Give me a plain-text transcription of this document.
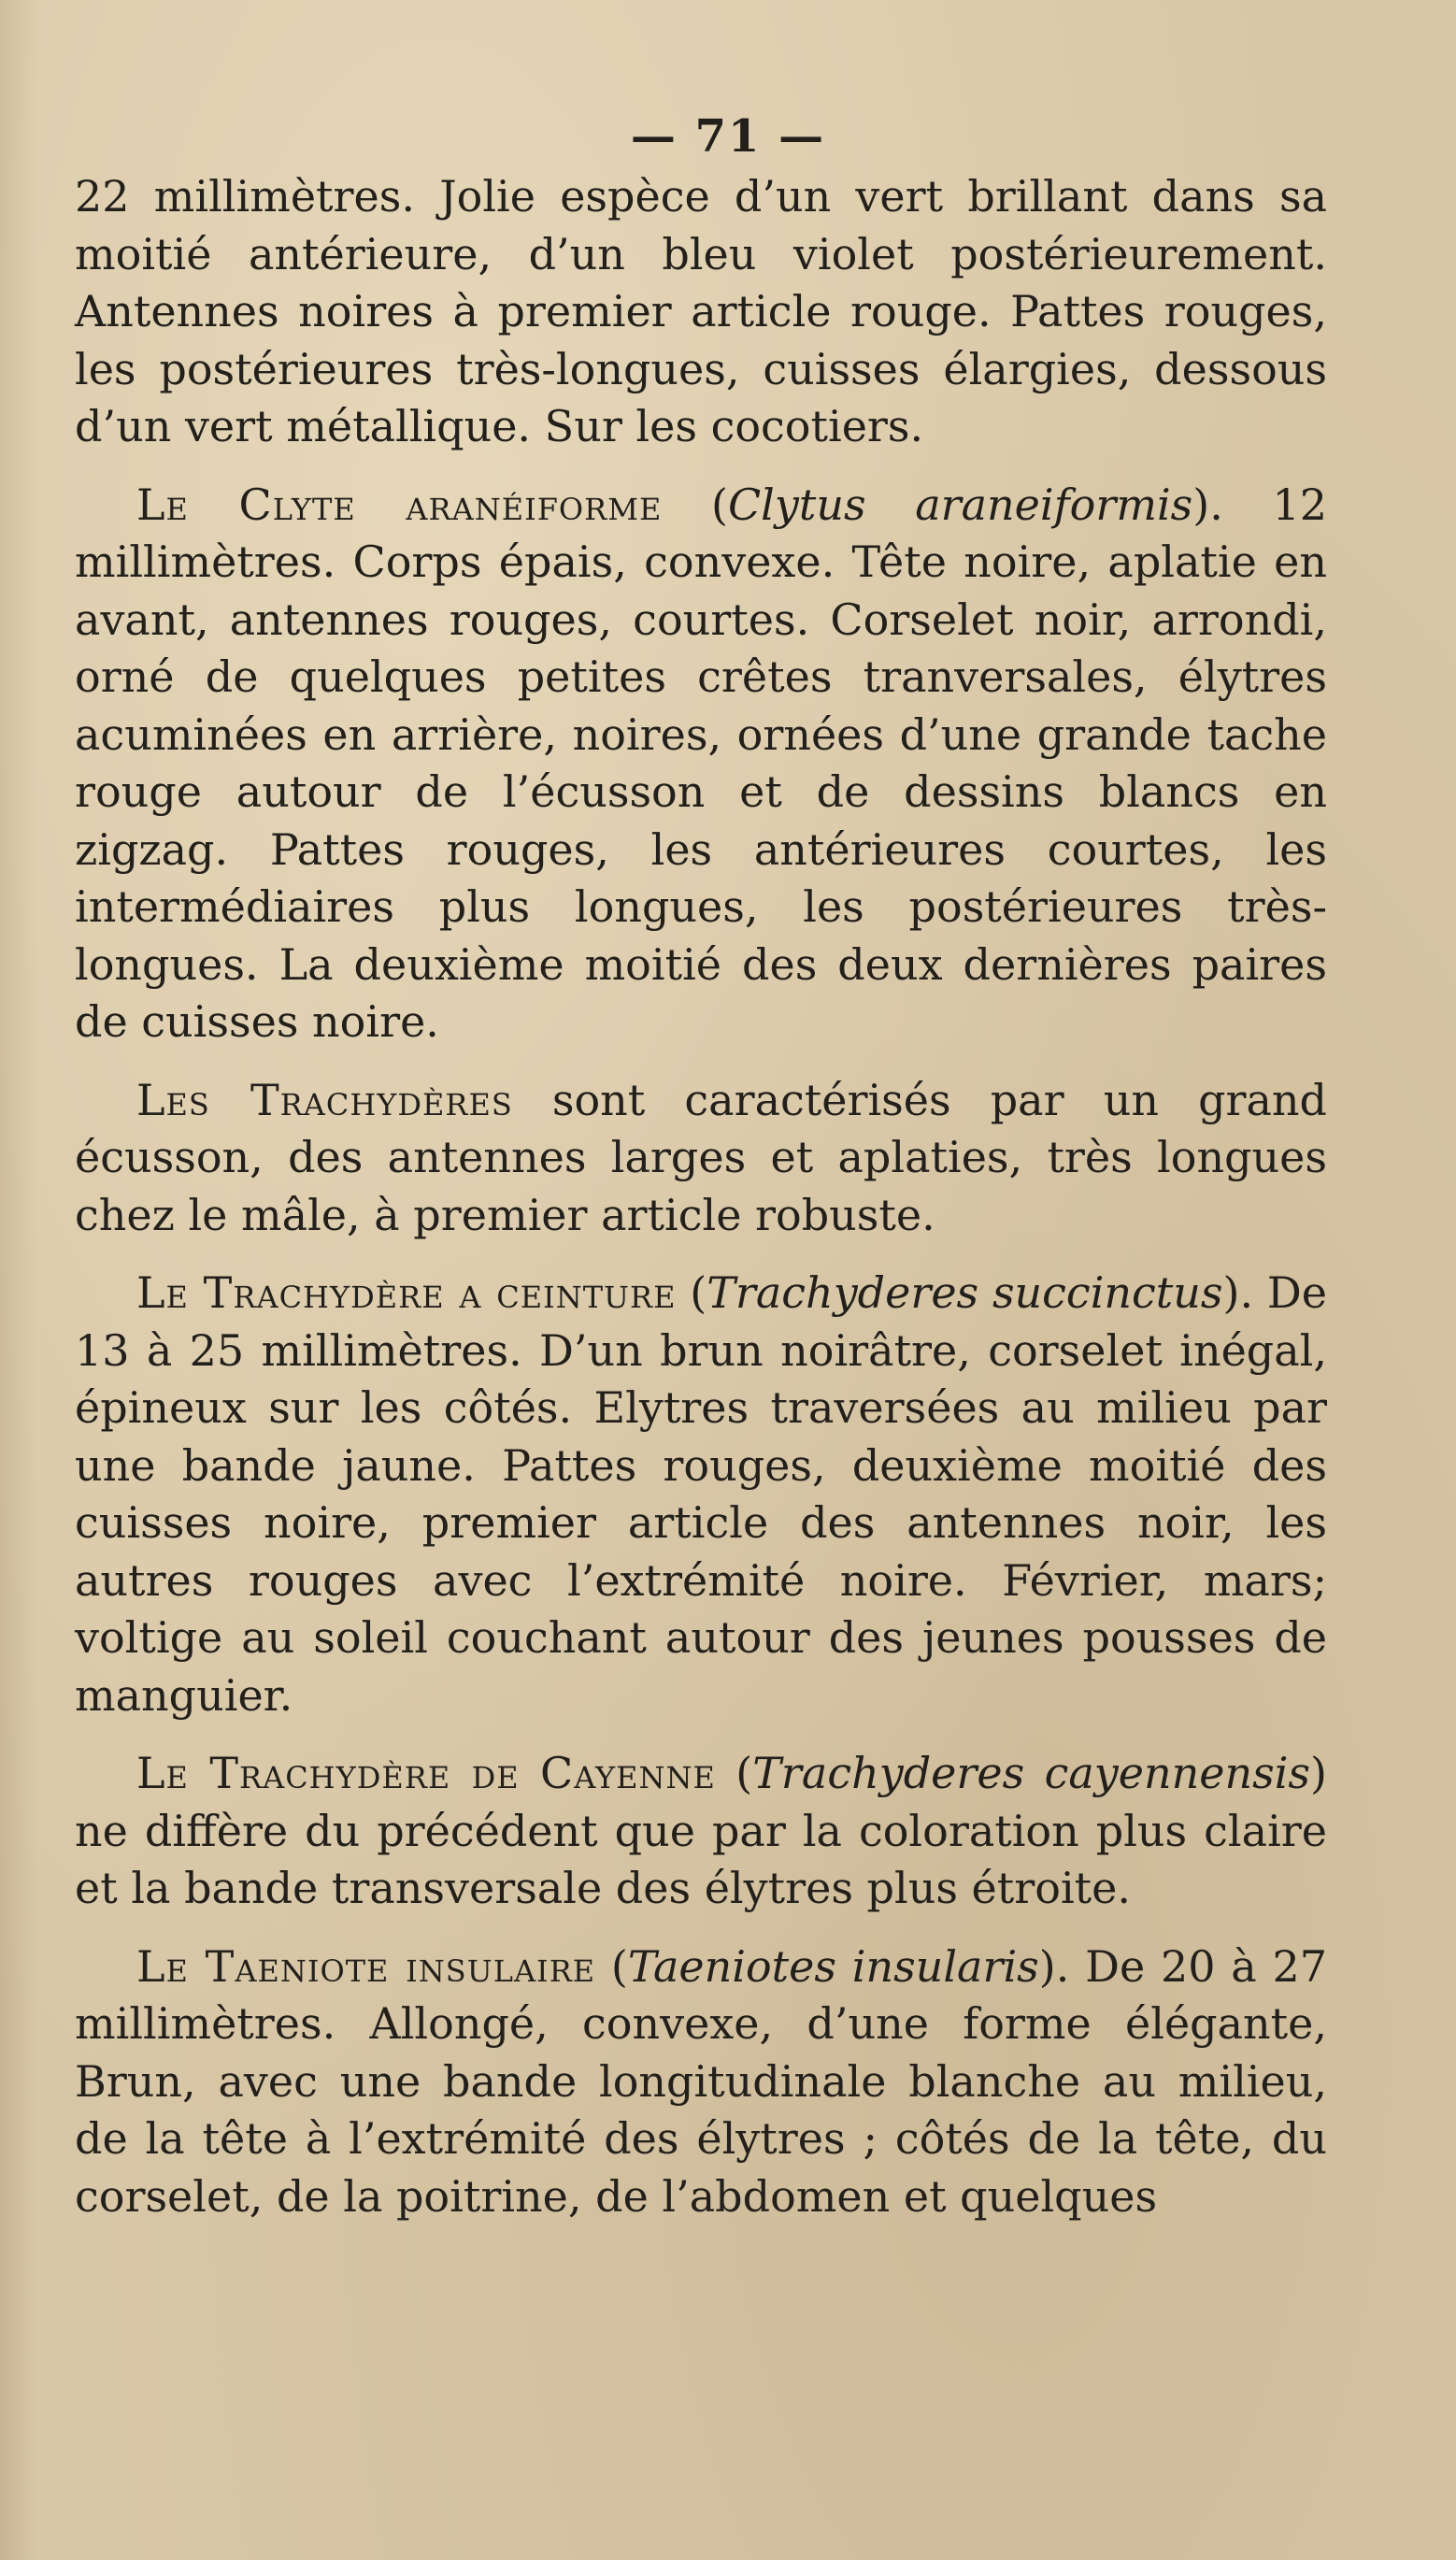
— 71 —

22 millimètres. Jolie espèce d’un vert brillant dans sa moitié antérieure, d’un bleu violet postérieurement. Antennes noires à premier article rouge. Pattes rouges, les postérieures très-longues, cuisses élargies, dessous d’un vert métallique. Sur les cocotiers.

Le Clyte aranéiforme (Clytus araneiformis). 12 millimètres. Corps épais, convexe. Tête noire, aplatie en avant, antennes rouges, courtes. Corselet noir, arrondi, orné de quelques petites crêtes tranversales, élytres acuminées en arrière, noires, ornées d’une grande tache rouge autour de l’écusson et de dessins blancs en zigzag. Pattes rouges, les antérieures courtes, les intermédiaires plus longues, les postérieures très-longues. La deuxième moitié des deux dernières paires de cuisses noire.

Les Trachydères sont caractérisés par un grand écusson, des antennes larges et aplaties, très longues chez le mâle, à premier article robuste.

Le Trachydère a ceinture (Trachyderes succinctus). De 13 à 25 millimètres. D’un brun noirâtre, corselet inégal, épineux sur les côtés. Elytres traversées au milieu par une bande jaune. Pattes rouges, deuxième moitié des cuisses noire, premier article des antennes noir, les autres rouges avec l’extrémité noire. Février, mars; voltige au soleil couchant autour des jeunes pousses de manguier.

Le Trachydère de Cayenne (Trachyderes cayennensis) ne diffère du précédent que par la coloration plus claire et la bande transversale des élytres plus étroite.

Le Taeniote insulaire (Taeniotes insularis). De 20 à 27 millimètres. Allongé, convexe, d’une forme élégante, Brun, avec une bande longitudinale blanche au milieu, de la tête à l’extrémité des élytres ; côtés de la tête, du corselet, de la poitrine, de l’abdomen et quelques
